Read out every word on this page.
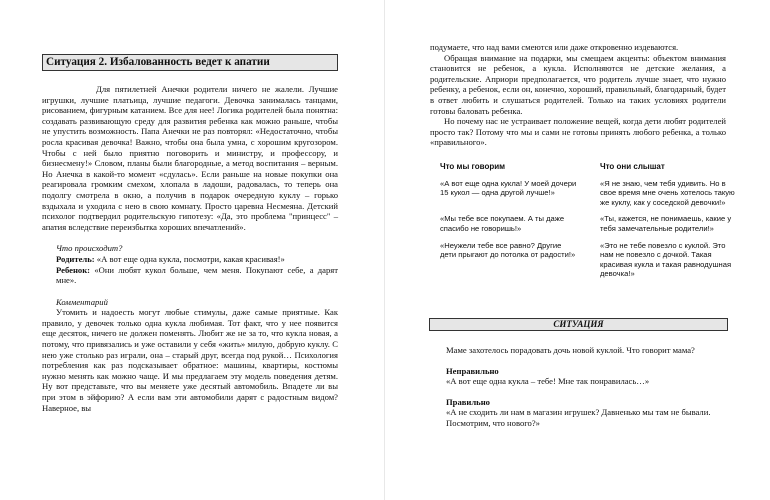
Ситуация 2. Избалованность ведет к апатии

Для пятилетней Анечки родители ничего не жалели. Лучшие игрушки, лучшие платьица, лучшие педагоги. Девочка занималась танцами, рисованием, фигурным катанием. Все для нее! Логика родителей была понятна: создавать развивающую среду для развития ребенка как можно раньше, чтобы не упустить возможность. Папа Анечки не раз повторял: «Недостаточно, чтобы росла красивая девочка! Важно, чтобы она была умна, с хорошим кругозором. Чтобы с ней было приятно поговорить и министру, и профессору, и бизнесмену!» Словом, планы были благородные, а метод воспитания – верным. Но Анечка в какой-то момент «сдулась». Если раньше на новые покупки она реагировала громким смехом, хлопала в ладоши, радовалась, то теперь она подолгу смотрела в окно, а получив в подарок очередную куклу – горько вздыхала и уходила с нею в свою комнату. Просто царевна Несмеяна. Детский психолог подтвердил родительскую гипотезу: «Да, это проблема "принцесс" – апатия вследствие переизбытка хороших впечатлений».

Что происходит?

Родитель: «А вот еще одна кукла, посмотри, какая красивая!»

Ребенок: «Они любят кукол больше, чем меня. Покупают себе, а дарят мне».

Комментарий

Утомить и надоесть могут любые стимулы, даже самые приятные. Как правило, у девочек только одна кукла любимая. Тот факт, что у нее появится еще десяток, ничего не должен поменять. Любит же не за то, что кукла новая, а потому, что привязались и уже оставили у себя «жить» милую, добрую куклу. С нею уже столько раз играли, она – старый друг, всегда под рукой… Психология потребления как раз подсказывает обратное: машины, квартиры, костюмы нужно менять как можно чаще. И мы предлагаем эту модель поведения детям. Ну вот представьте, что вы меняете уже десятый автомобиль. Впадете ли вы при этом в эйфорию? А если вам эти автомобили дарят с радостным видом? Наверное, вы

подумаете, что над вами смеются или даже откровенно издеваются.

Обращая внимание на подарки, мы смещаем акценты: объектом внимания становится не ребенок, а кукла. Исполняются не детские желания, а родительские. Априори предполагается, что родитель лучше знает, что нужно ребенку, а ребенок, если он, конечно, хороший, правильный, благодарный, будет в ответ любить и слушаться родителей. Только на таких условиях родители готовы баловать ребенка.

Но почему нас не устраивает положение вещей, когда дети любят родителей просто так? Потому что мы и сами не готовы принять любого ребенка, а только «правильного».

Что мы говорим	Что они слышат
«А вот еще одна кукла! У моей дочери 15 кукол — одна другой лучше!»
«Я не знаю, чем тебя удивить. Но в свое время мне очень хотелось такую же куклу, как у соседской девочки!»
«Мы тебе все покупаем. А ты даже спасибо не говоришь!»
«Ты, кажется, не понимаешь, какие у тебя замечательные родители!»
«Неужели тебе все равно? Другие дети прыгают до потолка от радости!»
«Это не тебе повезло с куклой. Это нам не повезло с дочкой. Такая красивая кукла и такая равнодушная девочка!»
СИТУАЦИЯ

Маме захотелось порадовать дочь новой куклой. Что говорит мама?

Неправильно

«А вот еще одна кукла – тебе! Мне так понравилась…»

Правильно

«А не сходить ли нам в магазин игрушек? Давненько мы там не бывали. Посмотрим, что нового?»
